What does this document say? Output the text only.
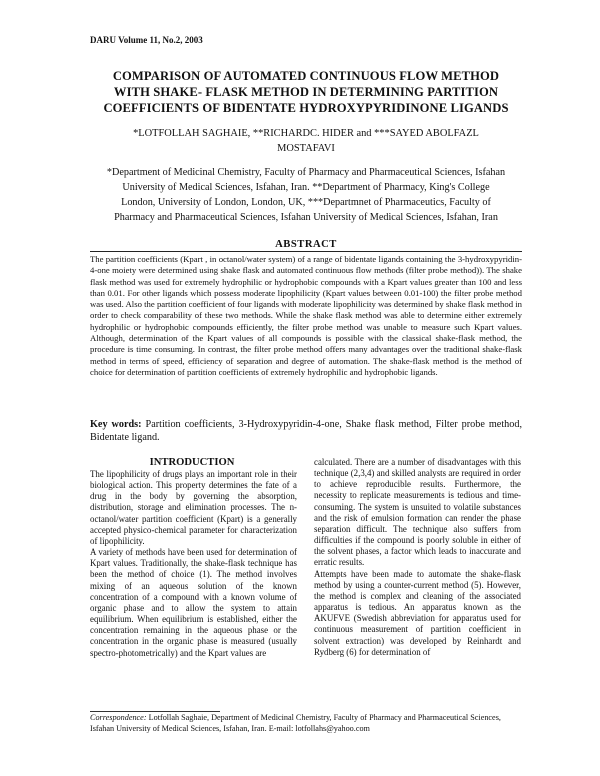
DARU Volume 11, No.2, 2003
COMPARISON OF AUTOMATED CONTINUOUS FLOW METHOD WITH SHAKE- FLASK METHOD IN DETERMINING PARTITION COEFFICIENTS OF BIDENTATE HYDROXYPYRIDINONE LIGANDS
*LOTFOLLAH SAGHAIE, **RICHARDC. HIDER and ***SAYED ABOLFAZL MOSTAFAVI
*Department of Medicinal Chemistry, Faculty of Pharmacy and Pharmaceutical Sciences, Isfahan University of Medical Sciences, Isfahan, Iran. **Department of Pharmacy, King's College London, University of London, London, UK, ***Departmnet of Pharmaceutics, Faculty of Pharmacy and Pharmaceutical Sciences, Isfahan University of Medical Sciences, Isfahan, Iran
ABSTRACT
The partition coefficients (Kpart , in octanol/water system) of a range of bidentate ligands containing the 3-hydroxypyridin-4-one moiety were determined using shake flask and automated continuous flow methods (filter probe method)). The shake flask method was used for extremely hydrophilic or hydrophobic compounds with a Kpart values greater than 100 and less than 0.01. For other ligands which possess moderate lipophilicity (Kpart values between 0.01-100) the filter probe method was used. Also the partition coefficient of four ligands with moderate lipophilicity was determined by shake flask method in order to check comparability of these two methods. While the shake flask method was able to determine either extremely hydrophilic or hydrophobic compounds efficiently, the filter probe method was unable to measure such Kpart values. Although, determination of the Kpart values of all compounds is possible with the classical shake-flask method, the procedure is time consuming. In contrast, the filter probe method offers many advantages over the traditional shake-flask method in terms of speed, efficiency of separation and degree of automation. The shake-flask method is the method of choice for determination of partition coefficients of extremely hydrophilic and hydrophobic ligands.
Key words: Partition coefficients, 3-Hydroxypyridin-4-one, Shake flask method, Filter probe method, Bidentate ligand.
INTRODUCTION

The lipophilicity of drugs plays an important role in their biological action. This property determines the fate of a drug in the body by governing the absorption, distribution, storage and elimination processes. The n-octanol/water partition coefficient (Kpart) is a generally accepted physico-chemical parameter for characterization of lipophilicity.

A variety of methods have been used for determination of Kpart values. Traditionally, the shake-flask technique has been the method of choice (1). The method involves mixing of an aqueous solution of the known concentration of a compound with a known volume of organic phase and to allow the system to attain equilibrium. When equilibrium is established, either the concentration remaining in the aqueous phase or the concentration in the organic phase is measured (usually spectro-photometrically) and the Kpart values are

calculated. There are a number of disadvantages with this technique (2,3,4) and skilled analysts are required in order to achieve reproducible results. Furthermore, the necessity to replicate measurements is tedious and time-consuming. The system is unsuited to volatile substances and the risk of emulsion formation can render the phase separation difficult. The technique also suffers from difficulties if the compound is poorly soluble in either of the solvent phases, a factor which leads to inaccurate and erratic results.

Attempts have been made to automate the shake-flask method by using a counter-current method (5). However, the method is complex and cleaning of the associated apparatus is tedious. An apparatus known as the AKUFVE (Swedish abbreviation for apparatus used for continuous measurement of partition coefficient in solvent extraction) was developed by Reinhardt and Rydberg (6) for determination of

Correspondence: Lotfollah Saghaie, Department of Medicinal Chemistry, Faculty of Pharmacy and Pharmaceutical Sciences, Isfahan University of Medical Sciences, Isfahan, Iran. E-mail: lotfollahs@yahoo.com
